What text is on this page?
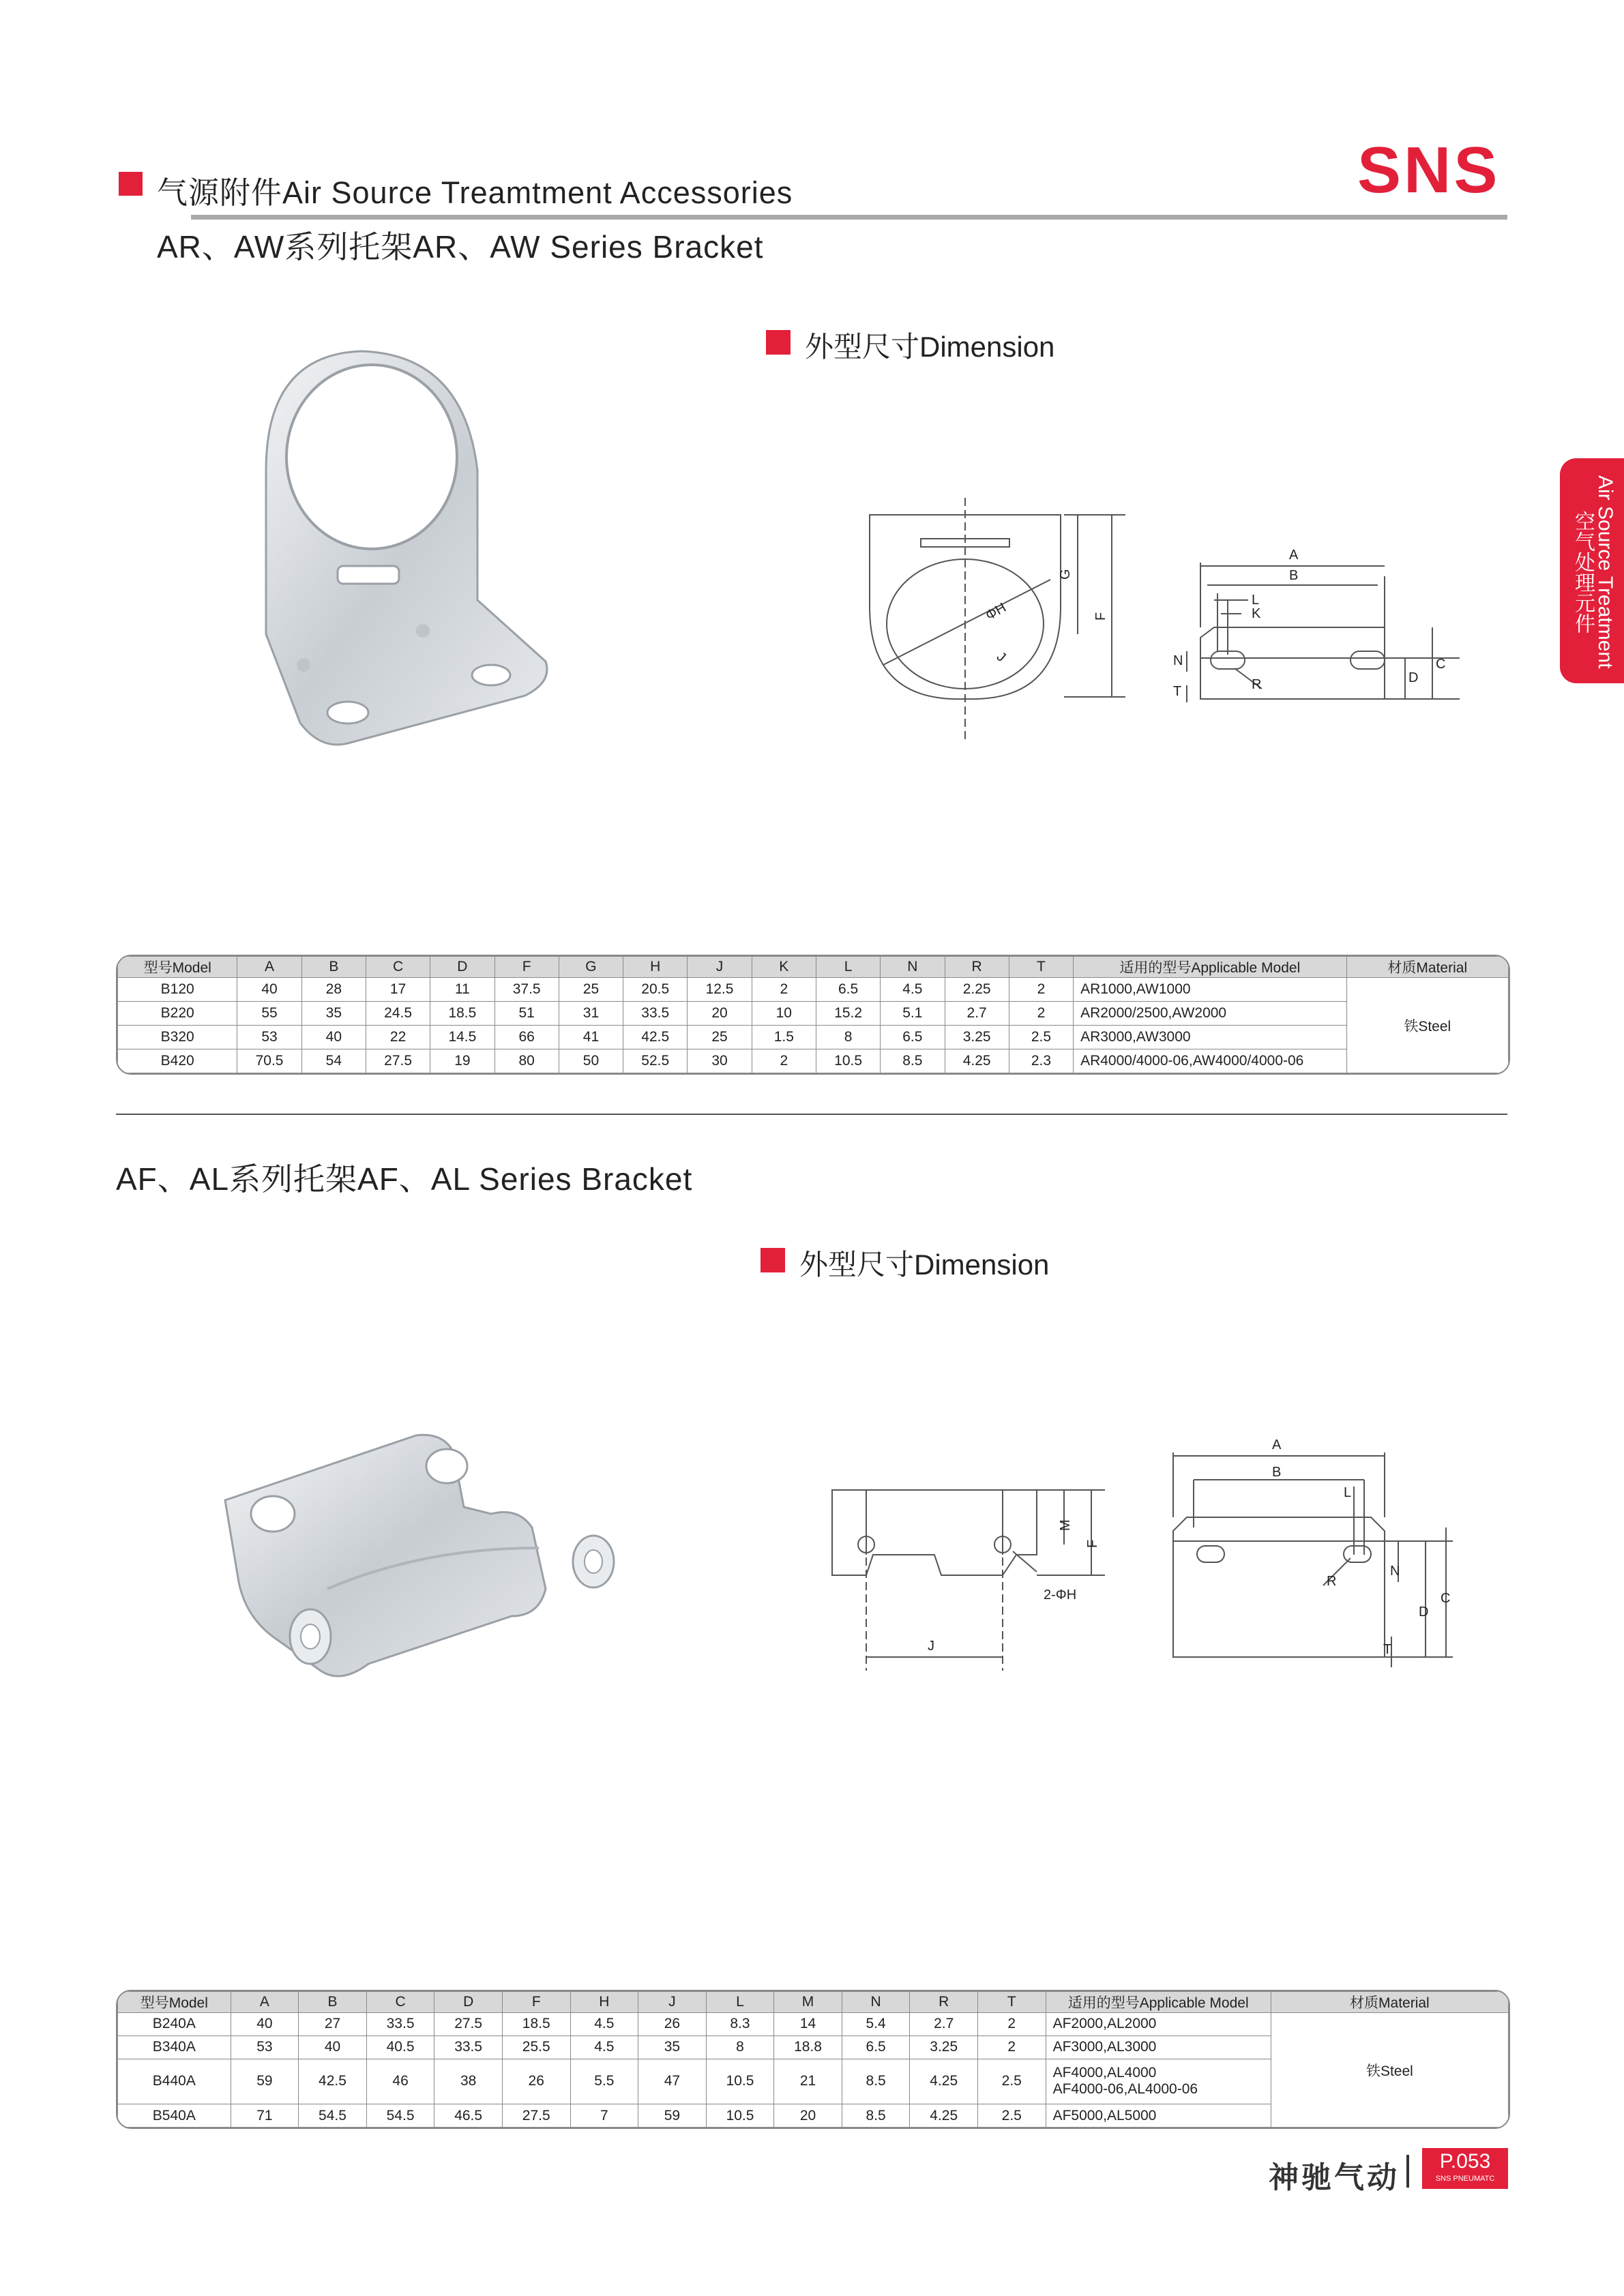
气源附件Air Source Treamtment Accessories	SNS
Air Source Treatment空气处理元件
AR、AW系列托架AR、AW Series Bracket
外型尺寸Dimension
A
B
L
K
N
T	R	D
C
G
F
ΦH
J
型号Model	A	B	C	D	F	G	H	J	K	L	N	R	T	适用的型号Applicable Model	材质Material
B120	40	28	17	11	37.5	25	20.5	12.5	2	6.5	4.5	2.25	2	AR1000,AW1000	铁Steel
B220	55	35	24.5	18.5	51	31	33.5	20	10	15.2	5.1	2.7	2	AR2000/2500,AW2000	

B320	53	40	22	14.5	66	41	42.5	25	1.5	8	6.5	3.25	2.5	AR3000,AW3000	

B420	70.5	54	27.5	19	80	50	52.5	30	2	10.5	8.5	4.25	2.3	AR4000/4000-06,AW4000/4000-06	
AF、AL系列托架AF、AL Series Bracket
外型尺寸Dimension
M
F
2-ΦH
J
A
B
L
R
N
D
C
T
型号Model	A	B	C	D	F	H	J	L	M	N	R	T	适用的型号Applicable Model	材质Material
B240A	40	27	33.5	27.5	18.5	4.5	26	8.3	14	5.4	2.7	2	AF2000,AL2000	铁Steel
B340A	53	40	40.5	33.5	25.5	4.5	35	8	18.8	6.5	3.25	2	AF3000,AL3000	

B440A	59	42.5	46	38	26	5.5	47	10.5	21	8.5	4.25	2.5	AF4000,AL4000
AF4000-06,AL4000-06	

B540A	71	54.5	54.5	46.5	27.5	7	59	10.5	20	8.5	4.25	2.5	AF5000,AL5000	
神驰气动	P.053
SNS PNEUMATC
